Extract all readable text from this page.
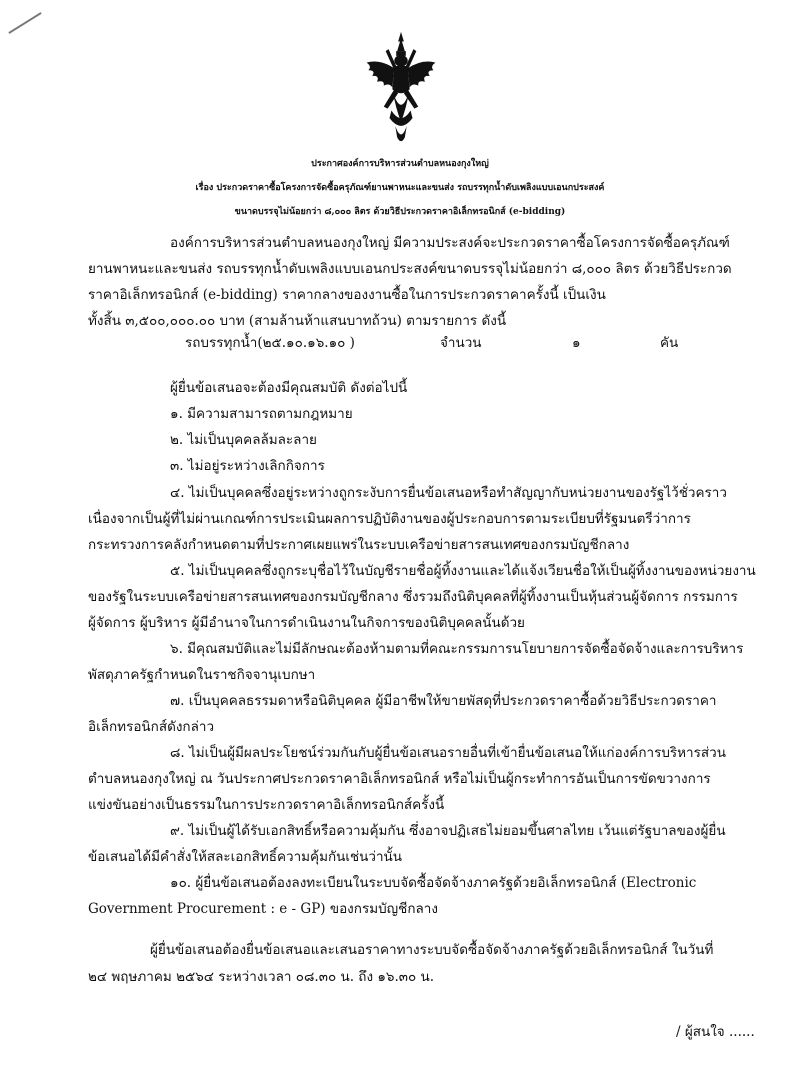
ประกาศองค์การบริหารส่วนตำบลหนองกุงใหญ่
เรื่อง ประกวดราคาซื้อโครงการจัดซื้อครุภัณฑ์ยานพาหนะและขนส่ง รถบรรทุกน้ำดับเพลิงแบบเอนกประสงค์
ขนาดบรรจุไม่น้อยกว่า ๘,๐๐๐ ลิตร ด้วยวิธีประกวดราคาอิเล็กทรอนิกส์ (e-bidding)
องค์การบริหารส่วนตำบลหนองกุงใหญ่ มีความประสงค์จะประกวดราคาซื้อโครงการจัดซื้อครุภัณฑ์
ยานพาหนะและขนส่ง รถบรรทุกน้ำดับเพลิงแบบเอนกประสงค์ขนาดบรรจุไม่น้อยกว่า ๘,๐๐๐ ลิตร ด้วยวิธีประกวด
ราคาอิเล็กทรอนิกส์ (e-bidding) ราคากลางของงานซื้อในการประกวดราคาครั้งนี้ เป็นเงิน
ทั้งสิ้น ๓,๕๐๐,๐๐๐.๐๐ บาท (สามล้านห้าแสนบาทถ้วน) ตามรายการ ดังนี้
รถบรรทุกน้ำ(๒๕.๑๐.๑๖.๑๐ )	จำนวน	๑	คัน
ผู้ยื่นข้อเสนอจะต้องมีคุณสมบัติ ดังต่อไปนี้
๑. มีความสามารถตามกฎหมาย
๒. ไม่เป็นบุคคลล้มละลาย
๓. ไม่อยู่ระหว่างเลิกกิจการ
๔. ไม่เป็นบุคคลซึ่งอยู่ระหว่างถูกระงับการยื่นข้อเสนอหรือทำสัญญากับหน่วยงานของรัฐไว้ชั่วคราว
เนื่องจากเป็นผู้ที่ไม่ผ่านเกณฑ์การประเมินผลการปฏิบัติงานของผู้ประกอบการตามระเบียบที่รัฐมนตรีว่าการ
กระทรวงการคลังกำหนดตามที่ประกาศเผยแพร่ในระบบเครือข่ายสารสนเทศของกรมบัญชีกลาง
๕. ไม่เป็นบุคคลซึ่งถูกระบุชื่อไว้ในบัญชีรายชื่อผู้ทิ้งงานและได้แจ้งเวียนชื่อให้เป็นผู้ทิ้งงานของหน่วยงาน
ของรัฐในระบบเครือข่ายสารสนเทศของกรมบัญชีกลาง ซึ่งรวมถึงนิติบุคคลที่ผู้ทิ้งงานเป็นหุ้นส่วนผู้จัดการ กรรมการ
ผู้จัดการ ผู้บริหาร ผู้มีอำนาจในการดำเนินงานในกิจการของนิติบุคคลนั้นด้วย
๖. มีคุณสมบัติและไม่มีลักษณะต้องห้ามตามที่คณะกรรมการนโยบายการจัดซื้อจัดจ้างและการบริหาร
พัสดุภาครัฐกำหนดในราชกิจจานุเบกษา
๗. เป็นบุคคลธรรมดาหรือนิติบุคคล ผู้มีอาชีพให้ขายพัสดุที่ประกวดราคาซื้อด้วยวิธีประกวดราคา
อิเล็กทรอนิกส์ดังกล่าว
๘. ไม่เป็นผู้มีผลประโยชน์ร่วมกันกับผู้ยื่นข้อเสนอรายอื่นที่เข้ายื่นข้อเสนอให้แก่องค์การบริหารส่วน
ตำบลหนองกุงใหญ่ ณ วันประกาศประกวดราคาอิเล็กทรอนิกส์ หรือไม่เป็นผู้กระทำการอันเป็นการขัดขวางการ
แข่งขันอย่างเป็นธรรมในการประกวดราคาอิเล็กทรอนิกส์ครั้งนี้
๙. ไม่เป็นผู้ได้รับเอกสิทธิ์หรือความคุ้มกัน ซึ่งอาจปฏิเสธไม่ยอมขึ้นศาลไทย เว้นแต่รัฐบาลของผู้ยื่น
ข้อเสนอได้มีคำสั่งให้สละเอกสิทธิ์ความคุ้มกันเช่นว่านั้น
๑๐. ผู้ยื่นข้อเสนอต้องลงทะเบียนในระบบจัดซื้อจัดจ้างภาครัฐด้วยอิเล็กทรอนิกส์ (Electronic
Government Procurement : e - GP) ของกรมบัญชีกลาง
ผู้ยื่นข้อเสนอต้องยื่นข้อเสนอและเสนอราคาทางระบบจัดซื้อจัดจ้างภาครัฐด้วยอิเล็กทรอนิกส์ ในวันที่
๒๔ พฤษภาคม ๒๕๖๔ ระหว่างเวลา ๐๘.๓๐ น. ถึง ๑๖.๓๐ น.
/ ผู้สนใจ ......
